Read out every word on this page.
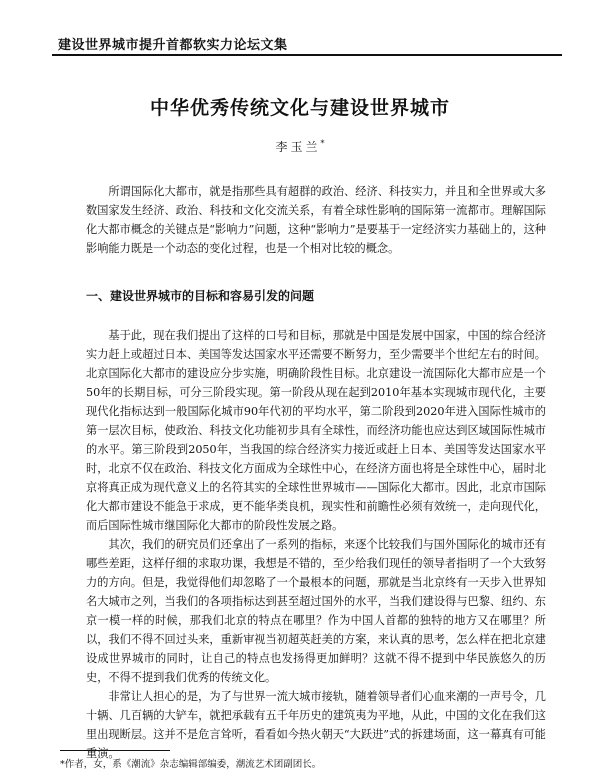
建设世界城市提升首都软实力论坛文集
中华优秀传统文化与建设世界城市
李玉兰*

所谓国际化大都市，就是指那些具有超群的政治、经济、科技实力，并且和全世界或大多数国家发生经济、政治、科技和文化交流关系，有着全球性影响的国际第一流都市。理解国际化大都市概念的关键点是“影响力”问题，这种“影响力”是要基于一定经济实力基础上的，这种影响能力既是一个动态的变化过程，也是一个相对比较的概念。

一、建设世界城市的目标和容易引发的问题

基于此，现在我们提出了这样的口号和目标，那就是中国是发展中国家，中国的综合经济实力赶上或超过日本、美国等发达国家水平还需要不断努力，至少需要半个世纪左右的时间。北京国际化大都市的建设应分步实施，明确阶段性目标。北京建设一流国际化大都市应是一个50年的长期目标，可分三阶段实现。第一阶段从现在起到2010年基本实现城市现代化，主要现代化指标达到一般国际化城市90年代初的平均水平，第二阶段到2020年进入国际性城市的第一层次目标，使政治、科技文化功能初步具有全球性，而经济功能也应达到区域国际性城市的水平。第三阶段到2050年，当我国的综合经济实力接近或赶上日本、美国等发达国家水平时，北京不仅在政治、科技文化方面成为全球性中心，在经济方面也将是全球性中心，届时北京将真正成为现代意义上的名符其实的全球性世界城市——国际化大都市。因此，北京市国际化大都市建设不能急于求成，更不能华类良机，现实性和前瞻性必须有效统一，走向现代化，而后国际性城市继国际化大都市的阶段性发展之路。

其次，我们的研究员们还拿出了一系列的指标，来逐个比较我们与国外国际化的城市还有哪些差距，这样仔细的求取功课，我想是不错的，至少给我们现任的领导者指明了一个大致努力的方向。但是，我觉得他们却忽略了一个最根本的问题，那就是当北京终有一天步入世界知名大城市之列，当我们的各项指标达到甚至超过国外的水平，当我们建设得与巴黎、纽约、东京一模一样的时候，那我们北京的特点在哪里？作为中国人首都的独特的地方又在哪里？所以，我们不得不回过头来，重新审视当初超英赶美的方案，来认真的思考，怎么样在把北京建设成世界城市的同时，让自己的特点也发扬得更加鲜明？这就不得不提到中华民族悠久的历史，不得不提到我们优秀的传统文化。

非常让人担心的是，为了与世界一流大城市接轨，随着领导者们心血来潮的一声号令，几十辆、几百辆的大铲车，就把承载有五千年历史的建筑夷为平地，从此，中国的文化在我们这里出现断层。这并不是危言耸听，看看如今热火朝天“大跃进”式的拆建场面，这一幕真有可能重演。

*作者，女，系《潮流》杂志编辑部编委，潮流艺术团副团长。
